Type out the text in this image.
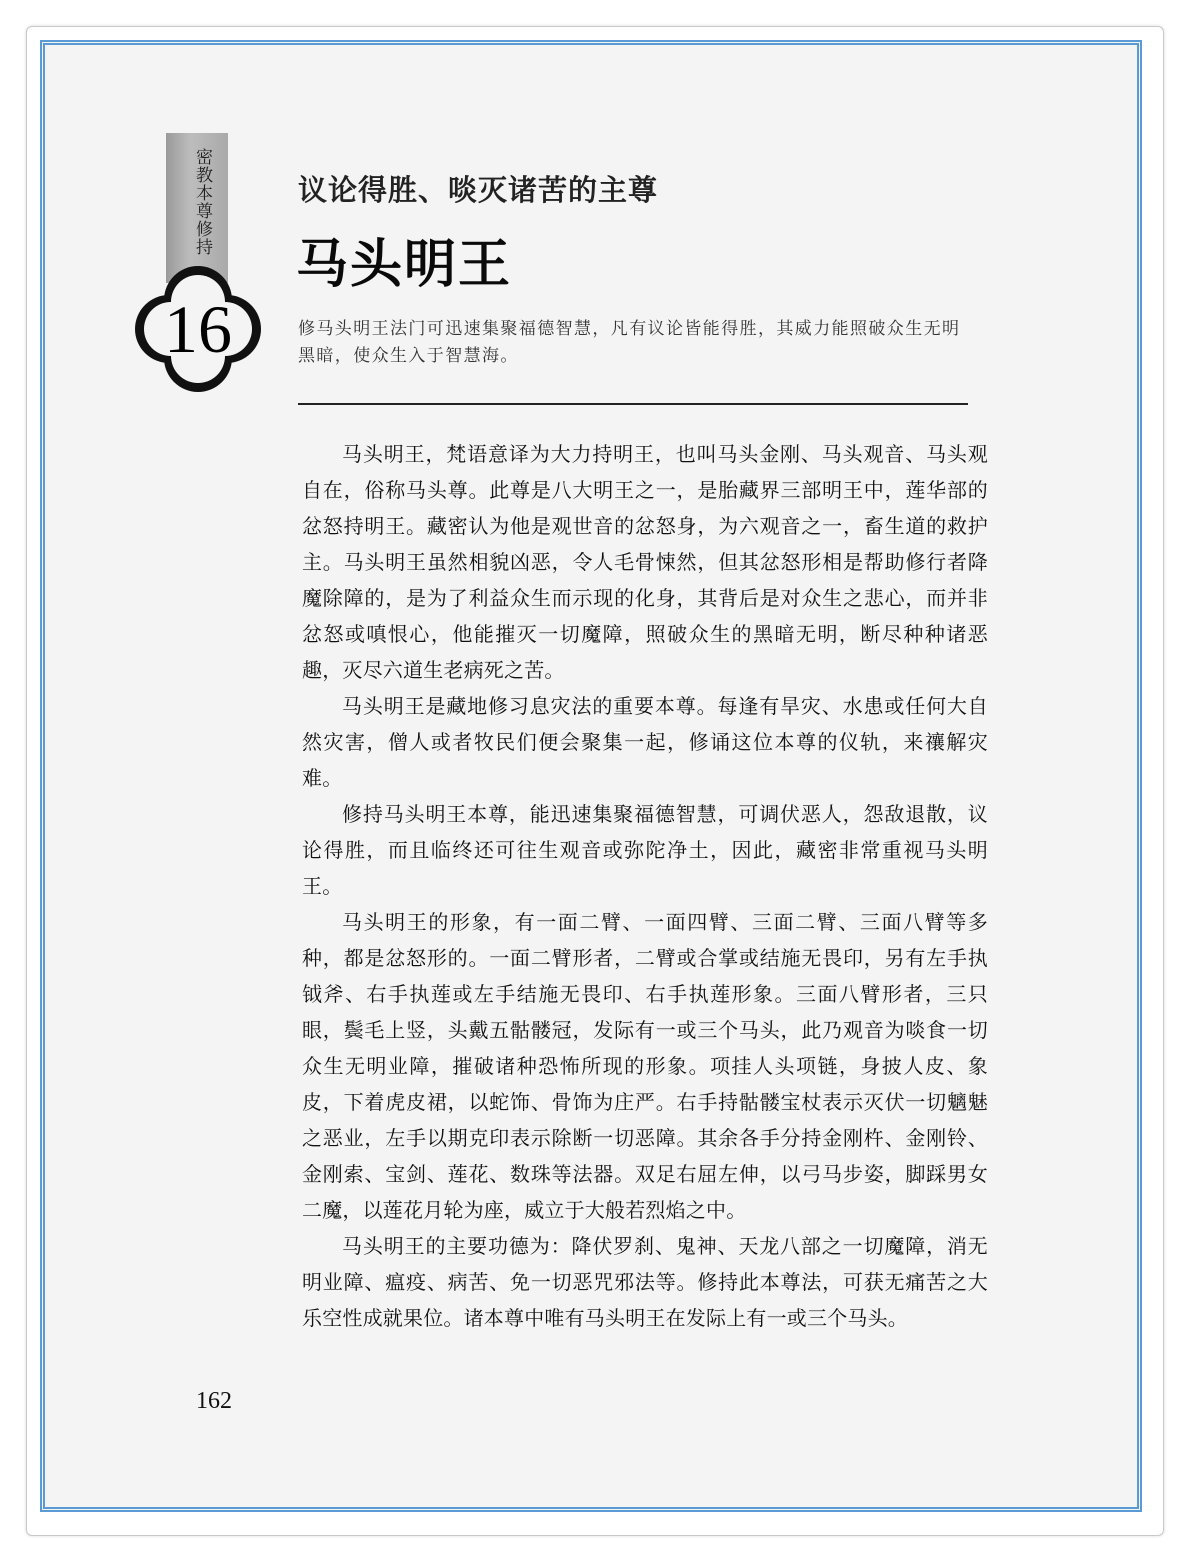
密教本尊修持
16
议论得胜、啖灭诸苦的主尊
马头明王
修马头明王法门可迅速集聚福德智慧，凡有议论皆能得胜，其威力能照破众生无明黑暗，使众生入于智慧海。

马头明王，梵语意译为大力持明王，也叫马头金刚、马头观音、马头观自在，俗称马头尊。此尊是八大明王之一，是胎藏界三部明王中，莲华部的忿怒持明王。藏密认为他是观世音的忿怒身，为六观音之一，畜生道的救护主。马头明王虽然相貌凶恶，令人毛骨悚然，但其忿怒形相是帮助修行者降魔除障的，是为了利益众生而示现的化身，其背后是对众生之悲心，而并非忿怒或嗔恨心，他能摧灭一切魔障，照破众生的黑暗无明，断尽种种诸恶趣，灭尽六道生老病死之苦。

马头明王是藏地修习息灾法的重要本尊。每逢有旱灾、水患或任何大自然灾害，僧人或者牧民们便会聚集一起，修诵这位本尊的仪轨，来禳解灾难。

修持马头明王本尊，能迅速集聚福德智慧，可调伏恶人，怨敌退散，议论得胜，而且临终还可往生观音或弥陀净土，因此，藏密非常重视马头明王。

马头明王的形象，有一面二臂、一面四臂、三面二臂、三面八臂等多种，都是忿怒形的。一面二臂形者，二臂或合掌或结施无畏印，另有左手执钺斧、右手执莲或左手结施无畏印、右手执莲形象。三面八臂形者，三只眼，鬓毛上竖，头戴五骷髅冠，发际有一或三个马头，此乃观音为啖食一切众生无明业障，摧破诸种恐怖所现的形象。项挂人头项链，身披人皮、象皮，下着虎皮裙，以蛇饰、骨饰为庄严。右手持骷髅宝杖表示灭伏一切魑魅之恶业，左手以期克印表示除断一切恶障。其余各手分持金刚杵、金刚铃、金刚索、宝剑、莲花、数珠等法器。双足右屈左伸，以弓马步姿，脚踩男女二魔，以莲花月轮为座，威立于大般若烈焰之中。

马头明王的主要功德为：降伏罗刹、鬼神、天龙八部之一切魔障，消无明业障、瘟疫、病苦、免一切恶咒邪法等。修持此本尊法，可获无痛苦之大乐空性成就果位。诸本尊中唯有马头明王在发际上有一或三个马头。

162
